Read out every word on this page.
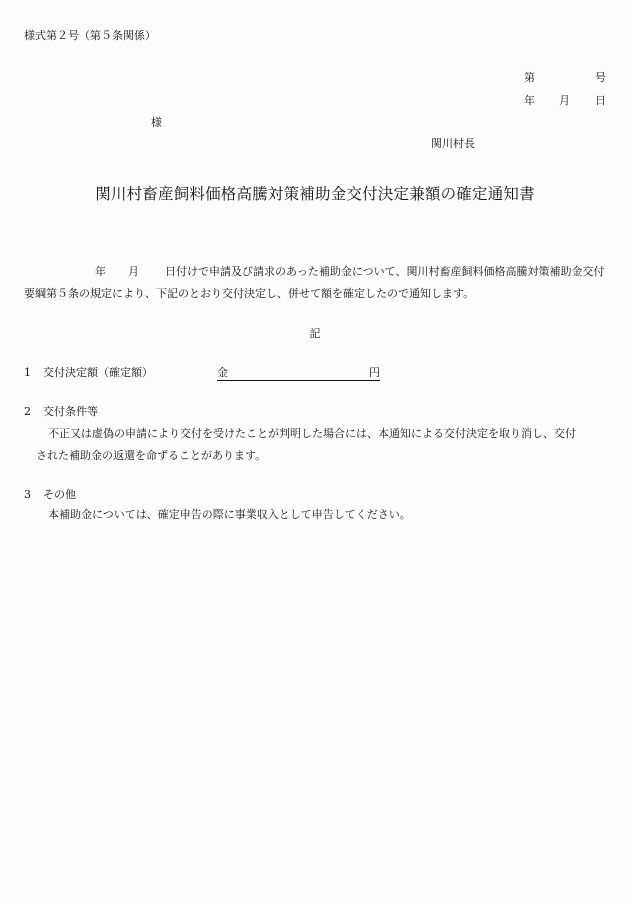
様式第２号（第５条関係）
第	号
年 月 日
様
関川村長
関川村畜産飼料価格高騰対策補助金交付決定兼額の確定通知書
年 月 日付けで申請及び請求のあった補助金について、関川村畜産飼料価格高騰対策補助金交付要綱第５条の規定により、下記のとおり交付決定し、併せて額を確定したので通知します。
記
1 交付決定額（確定額）	金	円
2 交付条件等
不正又は虚偽の申請により交付を受けたことが判明した場合には、本通知による交付決定を取り消し、交付
された補助金の返還を命ずることがあります。
3 その他
本補助金については、確定申告の際に事業収入として申告してください。
